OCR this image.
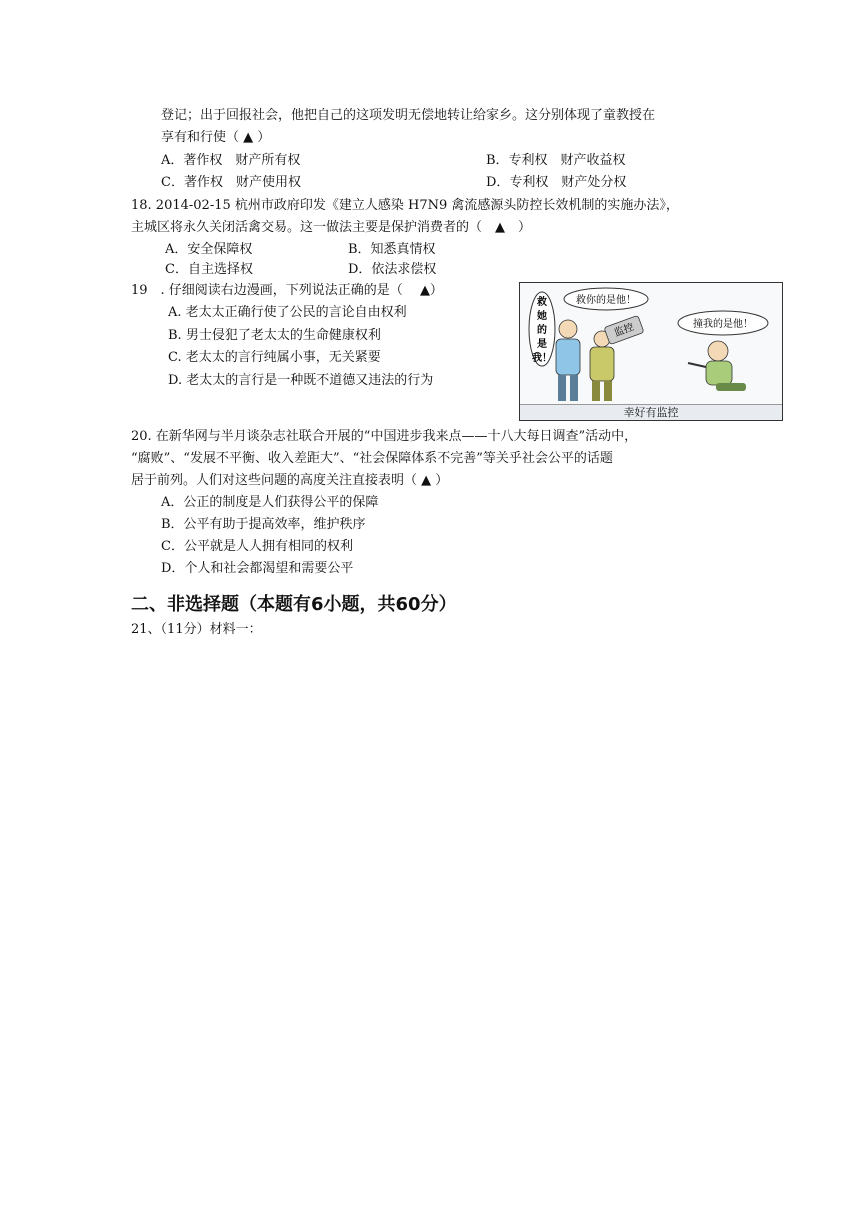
登记；出于回报社会，他把自己的这项发明无偿地转让给家乡。这分别体现了童教授在
享有和行使（ ▲ ）
A．著作权　财产所有权	B．专利权　财产收益权
C．著作权　财产使用权	D．专利权　财产处分权
18. 2014-02-15 杭州市政府印发《建立人感染 H7N9 禽流感源头防控长效机制的实施办法》，
主城区将永久关闭活禽交易。这一做法主要是保护消费者的（　▲　）
A．安全保障权	B．知悉真情权
C．自主选择权	D．依法求偿权
19　. 仔细阅读右边漫画，下列说法正确的是（　 ▲）
A. 老太太正确行使了公民的言论自由权利
B. 男士侵犯了老太太的生命健康权利
C. 老太太的言行纯属小事，无关紧要
D. 老太太的言行是一种既不道德又违法的行为
救
她
的
是
我！
救你的是他！
撞我的是他！
监控
幸好有监控
20. 在新华网与半月谈杂志社联合开展的“中国进步我来点——十八大每日调查”活动中，
“腐败”、“发展不平衡、收入差距大”、“社会保障体系不完善”等关乎社会公平的话题
居于前列。人们对这些问题的高度关注直接表明（ ▲ ）
A．公正的制度是人们获得公平的保障
B．公平有助于提高效率，维护秩序
C．公平就是人人拥有相同的权利
D．个人和社会都渴望和需要公平
二、非选择题（本题有6小题，共60分）
21、（11分）材料一：
